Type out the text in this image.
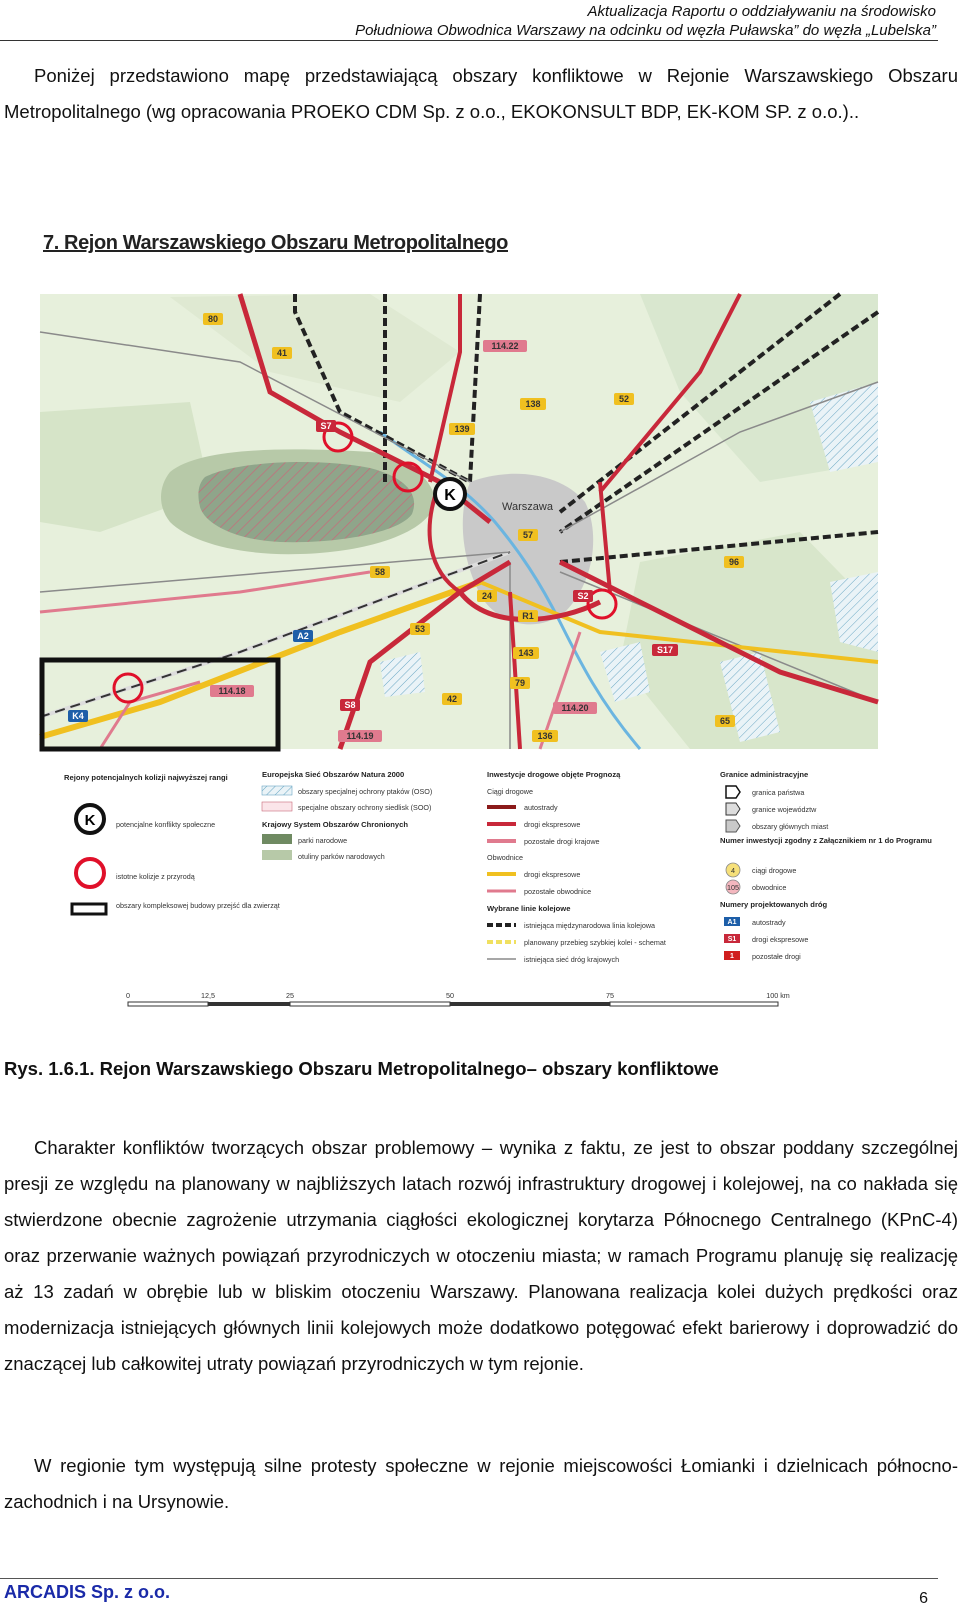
Aktualizacja Raportu o oddziaływaniu na środowisko
Południowa Obwodnica Warszawy na odcinku od węzła Puławska” do węzła „Lubelska”
Poniżej przedstawiono mapę przedstawiającą obszary konfliktowe w Rejonie Warszawskiego Obszaru Metropolitalnego (wg opracowania PROEKO CDM Sp. z o.o., EKOKONSULT BDP, EK-KOM SP. z o.o.)..
7. Rejon Warszawskiego Obszaru Metropolitalnego
K
Warszawa
80
41
114.22
138	52
S7	139
57
96
58
24	S2
A2
R1
53
143	S17
114.18
79
K4
S8
42
114.20
65
114.19	136
Rejony potencjalnych kolizji najwyższej rangi
K	potencjalne konflikty społeczne
istotne kolizje z przyrodą
obszary kompleksowej budowy przejść dla zwierząt
Europejska Sieć Obszarów Natura 2000
obszary specjalnej ochrony ptaków (OSO)
specjalne obszary ochrony siedlisk (SOO)
Krajowy System Obszarów Chronionych
parki narodowe
otuliny parków narodowych
Inwestycje drogowe objęte Prognozą
Ciągi drogowe
autostrady
drogi ekspresowe
pozostałe drogi krajowe
Obwodnice
drogi ekspresowe
pozostałe obwodnice
Wybrane linie kolejowe
istniejąca międzynarodowa linia kolejowa
planowany przebieg szybkiej kolei - schemat
istniejąca sieć dróg krajowych
Granice administracyjne
granica państwa
granice województw
obszary głównych miast
Numer inwestycji zgodny z Załącznikiem nr 1 do Programu
4 ciągi drogowe
105 obwodnice
Numery projektowanych dróg
A1 autostrady
S1 drogi ekspresowe
1	pozostałe drogi
0	12,5	25	50	75	100 km
Rys. 1.6.1. Rejon Warszawskiego Obszaru Metropolitalnego– obszary konfliktowe
Charakter konfliktów tworzących obszar problemowy – wynika z faktu, ze jest to obszar poddany szczególnej presji ze względu na planowany w najbliższych latach rozwój infrastruktury drogowej i kolejowej, na co nakłada się stwierdzone obecnie zagrożenie utrzymania ciągłości ekologicznej korytarza Północnego Centralnego (KPnC-4) oraz przerwanie ważnych powiązań przyrodniczych w otoczeniu miasta; w ramach Programu planuję się realizację aż 13 zadań w obrębie lub w bliskim otoczeniu Warszawy. Planowana realizacja kolei dużych prędkości oraz modernizacja istniejących głównych linii kolejowych może dodatkowo potęgować efekt barierowy i doprowadzić do znaczącej lub całkowitej utraty powiązań przyrodniczych w tym rejonie.
W regionie tym występują silne protesty społeczne w rejonie miejscowości Łomianki i dzielnicach północno-zachodnich i na Ursynowie.
ARCADIS Sp. z o.o.	6
